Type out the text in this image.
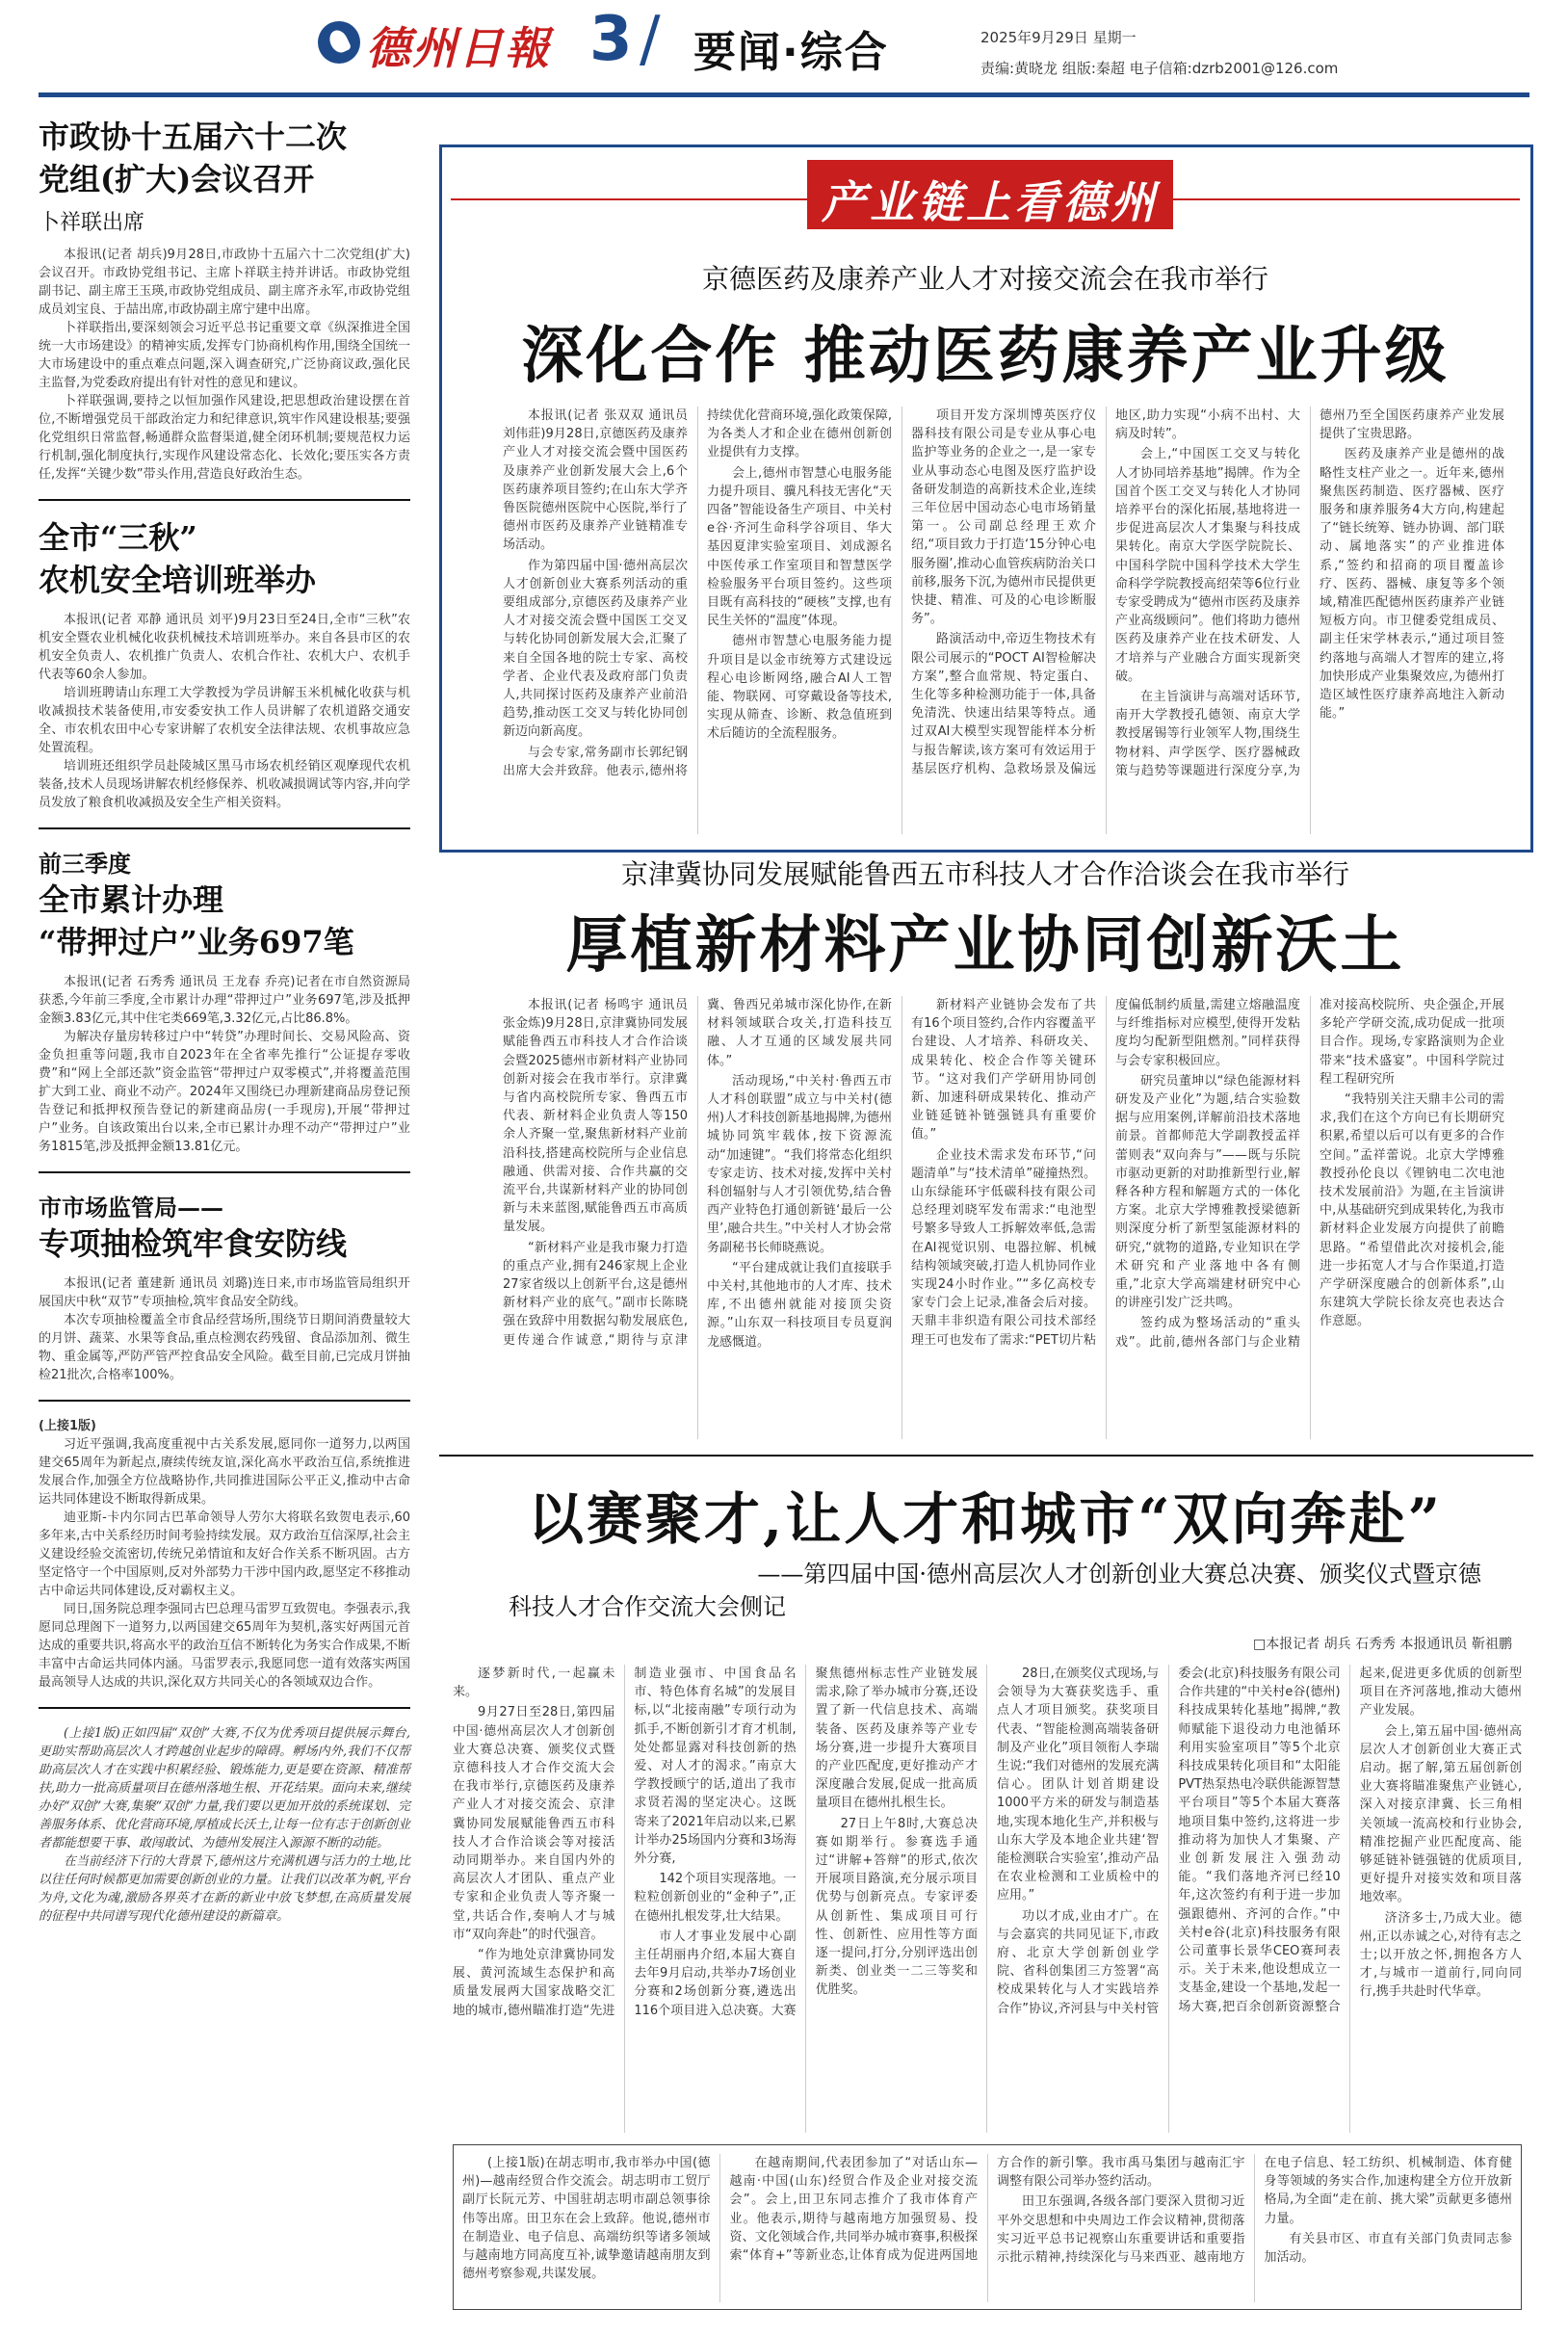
德州日報 3 / 要闻·综合	2025年9月29日 星期一
责编:黄晓龙 组版:秦超 电子信箱:dzrb2001@126.com
市政协十五届六十二次
党组(扩大)会议召开
卜祥联出席

本报讯(记者 胡兵)9月28日,市政协十五届六十二次党组(扩大)会议召开。市政协党组书记、主席卜祥联主持并讲话。市政协党组副书记、副主席王玉瑛,市政协党组成员、副主席齐永军,市政协党组成员刘宝良、于喆出席,市政协副主席宁建中出席。

卜祥联指出,要深刻领会习近平总书记重要文章《纵深推进全国统一大市场建设》的精神实质,发挥专门协商机构作用,围绕全国统一大市场建设中的重点难点问题,深入调查研究,广泛协商议政,强化民主监督,为党委政府提出有针对性的意见和建议。

卜祥联强调,要持之以恒加强作风建设,把思想政治建设摆在首位,不断增强党员干部政治定力和纪律意识,筑牢作风建设根基;要强化党组织日常监督,畅通群众监督渠道,健全闭环机制;要规范权力运行机制,强化制度执行,实现作风建设常态化、长效化;要压实各方责任,发挥“关键少数”带头作用,营造良好政治生态。

全市“三秋”
农机安全培训班举办

本报讯(记者 邓静 通讯员 刘平)9月23日至24日,全市“三秋”农机安全暨农业机械化收获机械技术培训班举办。来自各县市区的农机安全负责人、农机推广负责人、农机合作社、农机大户、农机手代表等60余人参加。

培训班聘请山东理工大学教授为学员讲解玉米机械化收获与机收减损技术装备使用,市安委安执工作人员讲解了农机道路交通安全、市农机农田中心专家讲解了农机安全法律法规、农机事故应急处置流程。

培训班还组织学员赴陵城区黑马市场农机经销区观摩现代农机装备,技术人员现场讲解农机经修保养、机收减损调试等内容,并向学员发放了粮食机收减损及安全生产相关资料。

前三季度
全市累计办理
“带押过户”业务697笔

本报讯(记者 石秀秀 通讯员 王龙春 乔亮)记者在市自然资源局获悉,今年前三季度,全市累计办理“带押过户”业务697笔,涉及抵押金额3.83亿元,其中住宅类669笔,3.32亿元,占比86.8%。

为解决存量房转移过户中“转贷”办理时间长、交易风险高、资金负担重等问题,我市自2023年在全省率先推行“公证提存零收费”和“网上全部还款”资金监管“带押过户双零模式”,并将覆盖范围扩大到工业、商业不动产。2024年又围绕已办理新建商品房登记预告登记和抵押权预告登记的新建商品房(一手现房),开展“带押过户”业务。自该政策出台以来,全市已累计办理不动产“带押过户”业务1815笔,涉及抵押金额13.81亿元。

市市场监管局——
专项抽检筑牢食安防线

本报讯(记者 董建新 通讯员 刘璐)连日来,市市场监管局组织开展国庆中秋“双节”专项抽检,筑牢食品安全防线。

本次专项抽检覆盖全市食品经营场所,围绕节日期间消费量较大的月饼、蔬菜、水果等食品,重点检测农药残留、食品添加剂、微生物、重金属等,严防严管严控食品安全风险。截至目前,已完成月饼抽检21批次,合格率100%。

(上接1版)

习近平强调,我高度重视中古关系发展,愿同你一道努力,以两国建交65周年为新起点,赓续传统友谊,深化高水平政治互信,系统推进发展合作,加强全方位战略协作,共同推进国际公平正义,推动中古命运共同体建设不断取得新成果。

迪亚斯-卡内尔同古巴革命领导人劳尔大将联名致贺电表示,60多年来,古中关系经历时间考验持续发展。双方政治互信深厚,社会主义建设经验交流密切,传统兄弟情谊和友好合作关系不断巩固。古方坚定恪守一个中国原则,反对外部势力干涉中国内政,愿坚定不移推动古中命运共同体建设,反对霸权主义。

同日,国务院总理李强同古巴总理马雷罗互致贺电。李强表示,我愿同总理阁下一道努力,以两国建交65周年为契机,落实好两国元首达成的重要共识,将高水平的政治互信不断转化为务实合作成果,不断丰富中古命运共同体内涵。马雷罗表示,我愿同您一道有效落实两国最高领导人达成的共识,深化双方共同关心的各领域双边合作。

(上接1版)正如四届“双创”大赛,不仅为优秀项目提供展示舞台,更助实帮助高层次人才跨越创业起步的障碍。孵场内外,我们不仅帮助高层次人才在实践中积累经验、锻炼能力,更是要在资源、精准帮扶,助力一批高质量项目在德州落地生根、开花结果。面向未来,继续办好“双创”大赛,集聚“双创”力量,我们要以更加开放的系统谋划、完善服务体系、优化营商环境,厚植成长沃土,让每一位有志于创新创业者都能想要干事、敢闯敢试、为德州发展注入源源不断的动能。

在当前经济下行的大背景下,德州这片充满机遇与活力的土地,比以往任何时候都更加需要创新创业的力量。让我们以改革为帆,平台为舟,文化为魂,激励各界英才在新的新业中放飞梦想,在高质量发展的征程中共同谱写现代化德州建设的新篇章。

产业链上看德州
京德医药及康养产业人才对接交流会在我市举行
深化合作 推动医药康养产业升级

本报讯(记者 张双双 通讯员 刘伟莊)9月28日,京德医药及康养产业人才对接交流会暨中国医药及康养产业创新发展大会上,6个医药康养项目签约;在山东大学齐鲁医院德州医院中心医院,举行了德州市医药及康养产业链精准专场活动。

作为第四届中国·德州高层次人才创新创业大赛系列活动的重要组成部分,京德医药及康养产业人才对接交流会暨中国医工交叉与转化协同创新发展大会,汇聚了来自全国各地的院士专家、高校学者、企业代表及政府部门负责人,共同探讨医药及康养产业前沿趋势,推动医工交叉与转化协同创新迈向新高度。

与会专家,常务副市长郭纪钢出席大会并致辞。他表示,德州将持续优化营商环境,强化政策保障,为各类人才和企业在德州创新创业提供有力支撑。

会上,德州市智慧心电服务能力提升项目、骥凡科技无害化“天四备”智能设备生产项目、中关村e谷·齐河生命科学谷项目、华大基因夏津实验室项目、刘成源名中医传承工作室项目和智慧医学检验服务平台项目签约。这些项目既有高科技的“硬核”支撑,也有民生关怀的“温度”体现。

德州市智慧心电服务能力提升项目是以金市统筹方式建设远程心电诊断网络,融合AI人工智能、物联网、可穿戴设备等技术,实现从筛查、诊断、救急值班到术后随访的全流程服务。

项目开发方深圳博英医疗仪器科技有限公司是专业从事心电监护等业务的企业之一,是一家专业从事动态心电图及医疗监护设备研发制造的高新技术企业,连续三年位居中国动态心电市场销量第一。公司副总经理王欢介绍,“项目致力于打造‘15分钟心电服务圈’,推动心血管疾病防治关口前移,服务下沉,为德州市民提供更快捷、精准、可及的心电诊断服务”。

路演活动中,帝迈生物技术有限公司展示的“POCT AI智检解决方案”,整合血常规、特定蛋白、生化等多种检测功能于一体,具备免清洗、快速出结果等特点。通过双AI大模型实现智能样本分析与报告解读,该方案可有效运用于基层医疗机构、急救场景及偏远地区,助力实现“小病不出村、大病及时转”。

会上,“中国医工交叉与转化人才协同培养基地”揭牌。作为全国首个医工交叉与转化人才协同培养平台的深化拓展,基地将进一步促进高层次人才集聚与科技成果转化。南京大学医学院院长、中国科学院中国科学技术大学生命科学学院教授高绍荣等6位行业专家受聘成为“德州市医药及康养产业高级顾问”。他们将助力德州医药及康养产业在技术研发、人才培养与产业融合方面实现新突破。

在主旨演讲与高端对话环节,南开大学教授孔德领、南京大学教授屠锡等行业领军人物,围绕生物材料、声学医学、医疗器械政策与趋势等课题进行深度分享,为德州乃至全国医药康养产业发展提供了宝贵思路。

医药及康养产业是德州的战略性支柱产业之一。近年来,德州聚焦医药制造、医疗器械、医疗服务和康养服务4大方向,构建起了“链长统筹、链办协调、部门联动、属地落实”的产业推进体系,“签约和招商的项目覆盖诊疗、医药、器械、康复等多个领域,精准匹配德州医药康养产业链短板方向。市卫健委党组成员、副主任宋学林表示,“通过项目签约落地与高端人才智库的建立,将加快形成产业集聚效应,为德州打造区域性医疗康养高地注入新动能。”

京津冀协同发展赋能鲁西五市科技人才合作洽谈会在我市举行
厚植新材料产业协同创新沃土

本报讯(记者 杨鸣宇 通讯员 张金炼)9月28日,京津冀协同发展赋能鲁西五市科技人才合作洽谈会暨2025德州市新材料产业协同创新对接会在我市举行。京津冀与省内高校院所专家、鲁西五市代表、新材料企业负责人等150余人齐聚一堂,聚焦新材料产业前沿科技,搭建高校院所与企业信息融通、供需对接、合作共赢的交流平台,共谋新材料产业的协同创新与未来蓝图,赋能鲁西五市高质量发展。

“新材料产业是我市聚力打造的重点产业,拥有246家规上企业27家省级以上创新平台,这是德州新材料产业的底气。”副市长陈晓强在致辞中用数据勾勒发展底色,更传递合作诚意,“期待与京津冀、鲁西兄弟城市深化协作,在新材料领域联合攻关,打造科技互融、人才互通的区域发展共同体。”

活动现场,“中关村·鲁西五市人才科创联盟”成立与中关村(德州)人才科技创新基地揭牌,为德州城协同筑牢载体,按下资源流动“加速键”。“我们将常态化组织专家走访、技术对接,发挥中关村科创辐射与人才引领优势,结合鲁西产业特色打通创新链‘最后一公里’,融合共生。”中关村人才协会常务副秘书长师晓燕说。

“平台建成就让我们直接联手中关村,其他地市的人才库、技术库,不出德州就能对接顶尖资源。”山东双一科技项目专员夏润龙感慨道。

新材料产业链协会发布了共有16个项目签约,合作内容覆盖平台建设、人才培养、科研攻关、成果转化、校企合作等关键环节。“这对我们产学研用协同创新、加速科研成果转化、推动产业链延链补链强链具有重要价值。”

企业技术需求发布环节,“问题清单”与“技术清单”碰撞热烈。山东绿能环宇低碳科技有限公司总经理刘晓军发布需求:“电池型号繁多导致人工拆解效率低,急需在AI视觉识别、电器拉解、机械结构领域突破,打造人机协同作业实现24小时作业。”“多亿高校专家专门会上记录,准备会后对接。天鼎丰非织造有限公司技术部经理王可也发布了需求:“PET切片粘度偏低制约质量,需建立熔融温度与纤维指标对应模型,使得开发粘度均匀配新型阻燃剂。”同样获得与会专家积极回应。

研究员董坤以“绿色能源材料研发及产业化”为题,结合实验数据与应用案例,详解前沿技术落地前景。首都师范大学副教授孟祥蕾则表“双向奔与”——既与乐院市驱动更新的对助推新型行业,解释各种方程和解题方式的一体化方案。北京大学博雅教授梁德新则深度分析了新型氢能源材料的研究,“就物的道路,专业知识在学术研究和产业落地中各有侧重,”北京大学高端建材研究中心的讲座引发广泛共鸣。

签约成为整场活动的“重头戏”。此前,德州各部门与企业精准对接高校院所、央企强企,开展多轮产学研交流,成功促成一批项目合作。现场,专家路演则为企业带来“技术盛宴”。中国科学院过程工程研究所

“我特别关注天鼎丰公司的需求,我们在这个方向已有长期研究积累,希望以后可以有更多的合作空间。”孟祥蕾说。北京大学博雅教授孙伦良以《锂钠电二次电池技术发展前沿》为题,在主旨演讲中,从基础研究到成果转化,为我市新材料企业发展方向提供了前瞻思路。“希望借此次对接机会,能进一步拓宽人才与合作渠道,打造产学研深度融合的创新体系”,山东建筑大学院长徐友亮也表达合作意愿。

以赛聚才,让人才和城市“双向奔赴”
——第四届中国·德州高层次人才创新创业大赛总决赛、颁奖仪式暨京德
科技人才合作交流大会侧记
□本报记者 胡兵 石秀秀 本报通讯员 靳祖鹏

逐梦新时代,一起赢未来。

9月27日至28日,第四届中国·德州高层次人才创新创业大赛总决赛、颁奖仪式暨京德科技人才合作交流大会在我市举行,京德医药及康养产业人才对接交流会、京津冀协同发展赋能鲁西五市科技人才合作洽谈会等对接活动同期举办。来自国内外的高层次人才团队、重点产业专家和企业负责人等齐聚一堂,共话合作,奏响人才与城市“双向奔赴”的时代强音。

“作为地处京津冀协同发展、黄河流域生态保护和高质量发展两大国家战略交汇地的城市,德州瞄准打造“先进制造业强市、中国食品名市、特色体育名城”的发展目标,以“北接南融”专项行动为抓手,不断创新引才育才机制,处处都显露对科技创新的热爱、对人才的渴求。”南京大学教授顾宁的话,道出了我市求贤若渴的坚定决心。这既寄来了2021年启动以来,已累计举办25场国内分赛和3场海外分赛,

142个项目实现落地。一粒粒创新创业的“金种子”,正在德州扎根发芽,壮大结果。

市人才事业发展中心副主任胡丽冉介绍,本届大赛自去年9月启动,共举办7场创业分赛和2场创新分赛,遴选出116个项目进入总决赛。大赛聚焦德州标志性产业链发展需求,除了举办城市分赛,还设置了新一代信息技术、高端装备、医药及康养等产业专场分赛,进一步提升大赛项目的产业匹配度,更好推动产才深度融合发展,促成一批高质量项目在德州扎根生长。

27日上午8时,大赛总决赛如期举行。参赛选手通过“讲解+答辩”的形式,依次开展项目路演,充分展示项目优势与创新亮点。专家评委从创新性、集成项目可行性、创新性、应用性等方面逐一提问,打分,分别评选出创新类、创业类一二三等奖和优胜奖。

28日,在颁奖仪式现场,与会领导为大赛获奖选手、重点人才项目颁奖。获奖项目代表、“智能检测高端装备研制及产业化”项目领衔人李瑞生说:“我们对德州的发展充满信心。团队计划首期建设1000平方米的研发与制造基地,实现本地化生产,并积极与山东大学及本地企业共建‘智能检测联合实验室’,推动产品在农业检测和工业质检中的应用。”

功以才成,业由才广。在与会嘉宾的共同见证下,市政府、北京大学创新创业学院、省科创集团三方签署“高校成果转化与人才实践培养合作”协议,齐河县与中关村管委会(北京)科技服务有限公司合作共建的“中关村e谷(德州)科技成果转化基地”揭牌,“教师赋能下退役动力电池循环利用实验室项目”等5个北京科技成果转化项目和“太阳能PVT热泵热电冷联供能源智慧平台项目”等5个本届大赛落地项目集中签约,这将进一步推动将为加快人才集聚、产业创新发展注入强劲动能。“我们落地齐河已经10年,这次签约有利于进一步加强跟德州、齐河的合作。”中关村e谷(北京)科技服务有限公司董事长景华CEO赛珂表示。关于未来,他设想成立一支基金,建设一个基地,发起一场大赛,把百余创新资源整合起来,促进更多优质的创新型项目在齐河落地,推动大德州产业发展。

会上,第五届中国·德州高层次人才创新创业大赛正式启动。据了解,第五届创新创业大赛将瞄准聚焦产业链心,深入对接京津冀、长三角相关领域一流高校和行业协会,精准挖掘产业匹配度高、能够延链补链强链的优质项目,更好提升对接实效和项目落地效率。

济济多士,乃成大业。德州,正以赤诚之心,对待有志之士;以开放之怀,拥抱各方人才,与城市一道前行,同向同行,携手共赴时代华章。

(上接1版)在胡志明市,我市举办中国(德州)—越南经贸合作交流会。胡志明市工贸厅副厅长阮元芳、中国驻胡志明市副总领事徐伟等出席。田卫东在会上致辞。他说,德州市在制造业、电子信息、高端纺织等诸多领域与越南地方同高度互补,诚挚邀请越南朋友到德州考察参观,共谋发展。

在越南期间,代表团参加了“对话山东—越南·中国(山东)经贸合作及企业对接交流会”。会上,田卫东同志推介了我市体育产业。他表示,期待与越南地方加强贸易、投资、文化领域合作,共同举办城市赛事,积极探索“体育+”等新业态,让体育成为促进两国地方合作的新引擎。我市禹马集团与越南汇宇调整有限公司举办签约活动。

田卫东强调,各级各部门要深入贯彻习近平外交思想和中央周边工作会议精神,贯彻落实习近平总书记视察山东重要讲话和重要指示批示精神,持续深化与马来西亚、越南地方在电子信息、轻工纺织、机械制造、体育健身等领域的务实合作,加速构建全方位开放新格局,为全面“走在前、挑大梁”贡献更多德州力量。

有关县市区、市直有关部门负责同志参加活动。
